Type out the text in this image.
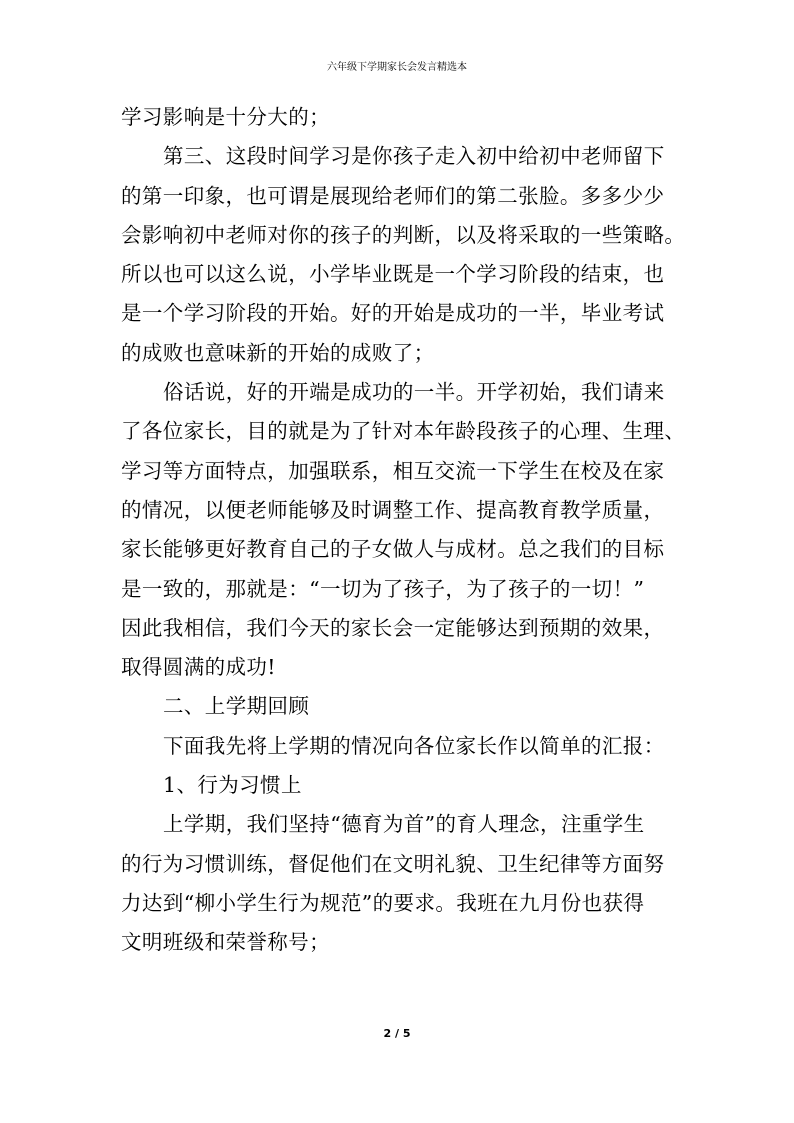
六年级下学期家长会发言精选本
学习影响是十分大的；
第三、这段时间学习是你孩子走入初中给初中老师留下
的第一印象，也可谓是展现给老师们的第二张脸。多多少少
会影响初中老师对你的孩子的判断，以及将采取的一些策略。
所以也可以这么说，小学毕业既是一个学习阶段的结束，也
是一个学习阶段的开始。好的开始是成功的一半，毕业考试
的成败也意味新的开始的成败了；
俗话说，好的开端是成功的一半。开学初始，我们请来
了各位家长，目的就是为了针对本年龄段孩子的心理、生理、
学习等方面特点，加强联系，相互交流一下学生在校及在家
的情况，以便老师能够及时调整工作、提高教育教学质量，
家长能够更好教育自己的子女做人与成材。总之我们的目标
是一致的，那就是：“一切为了孩子，为了孩子的一切！”
因此我相信，我们今天的家长会一定能够达到预期的效果，
取得圆满的成功!
二、上学期回顾
下面我先将上学期的情况向各位家长作以简单的汇报：
1、行为习惯上
上学期，我们坚持“德育为首”的育人理念，注重学生
的行为习惯训练，督促他们在文明礼貌、卫生纪律等方面努
力达到“柳小学生行为规范”的要求。我班在九月份也获得
文明班级和荣誉称号；
2 / 5
